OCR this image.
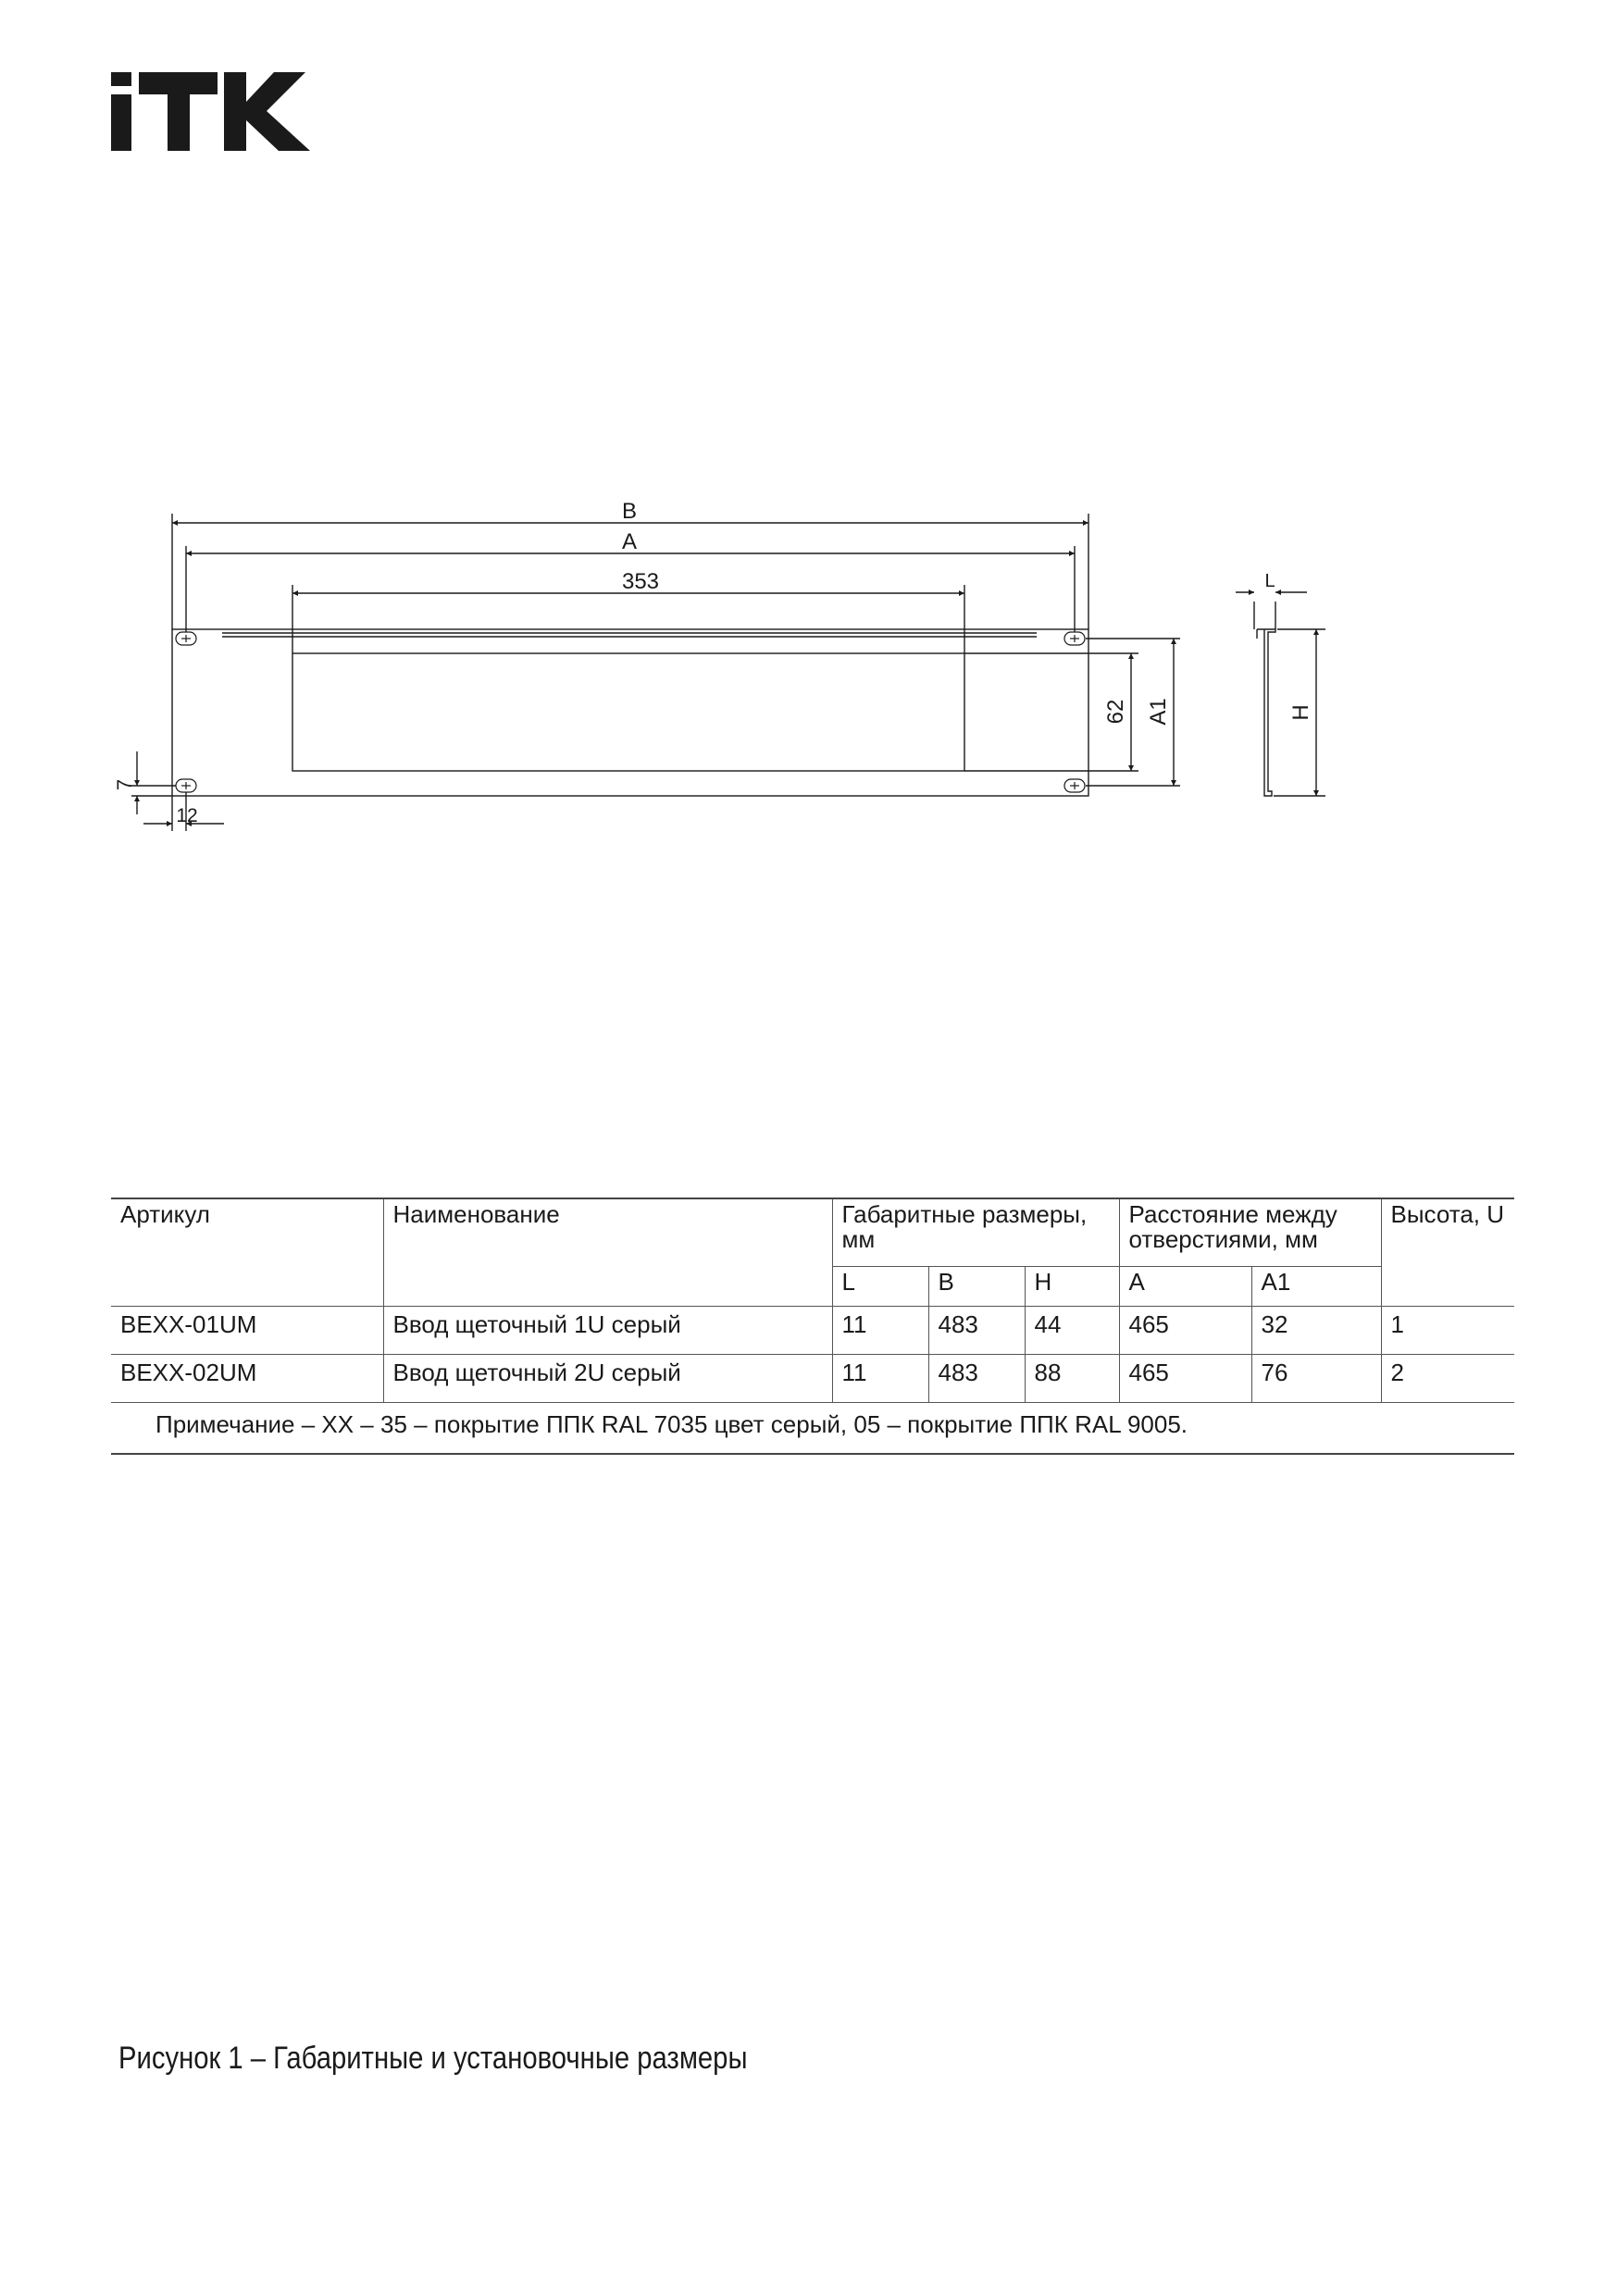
B
A
353
62 A1
7
12
L
H
Артикул	Наименование	Габаритные размеры, мм			Расстояние между отверстиями, мм		Высота, U
		L	B	H	A	A1	
BEXX-01UM	Ввод щеточный 1U серый	11	483	44	465	32	1
BEXX-02UM	Ввод щеточный 2U серый	11	483	88	465	76	2
Примечание – XX – 35 – покрытие ППК RAL 7035 цвет серый, 05 – покрытие ППК RAL 9005.							
Рисунок 1 – Габаритные и установочные размеры
